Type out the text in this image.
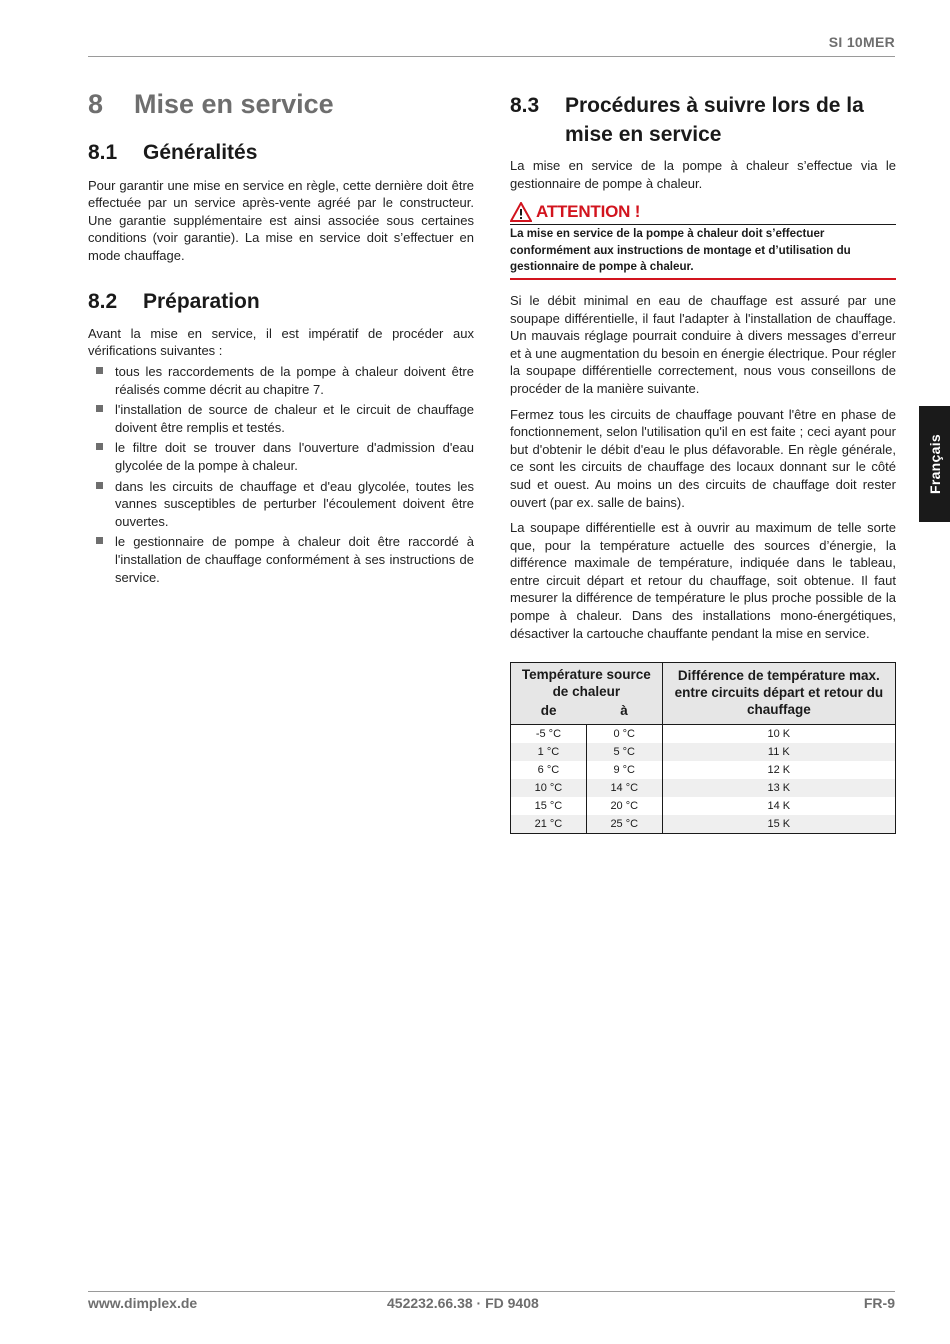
SI 10MER
Français
8	Mise en service
8.1	Généralités

Pour garantir une mise en service en règle, cette dernière doit être effectuée par un service après-vente agréé par le constructeur. Une garantie supplémentaire est ainsi associée sous certaines conditions (voir garantie). La mise en service doit s’effectuer en mode chauffage.

8.2	Préparation

Avant la mise en service, il est impératif de procéder aux vérifications suivantes :

tous les raccordements de la pompe à chaleur doivent être réalisés comme décrit au chapitre 7.
l'installation de source de chaleur et le circuit de chauffage doivent être remplis et testés.
le filtre doit se trouver dans l'ouverture d'admission d'eau glycolée de la pompe à chaleur.
dans les circuits de chauffage et d'eau glycolée, toutes les vannes susceptibles de perturber l'écoulement doivent être ouvertes.
le gestionnaire de pompe à chaleur doit être raccordé à l'installation de chauffage conformément à ses instructions de service.
8.3	Procédures à suivre lors de la mise en service

La mise en service de la pompe à chaleur s’effectue via le gestionnaire de pompe à chaleur.

ATTENTION !

La mise en service de la pompe à chaleur doit s’effectuer conformément aux instructions de montage et d’utilisation du gestionnaire de pompe à chaleur.

Si le débit minimal en eau de chauffage est assuré par une soupape différentielle, il faut l'adapter à l'installation de chauffage. Un mauvais réglage pourrait conduire à divers messages d’erreur et à une augmentation du besoin en énergie électrique. Pour régler la soupape différentielle correctement, nous vous conseillons de procéder de la manière suivante.

Fermez tous les circuits de chauffage pouvant l'être en phase de fonctionnement, selon l'utilisation qu'il en est faite ; ceci ayant pour but d'obtenir le débit d'eau le plus défavorable. En règle générale, ce sont les circuits de chauffage des locaux donnant sur le côté sud et ouest. Au moins un des circuits de chauffage doit rester ouvert (par ex. salle de bains).

La soupape différentielle est à ouvrir au maximum de telle sorte que, pour la température actuelle des sources d’énergie, la différence maximale de température, indiquée dans le tableau, entre circuit départ et retour du chauffage, soit obtenue. Il faut mesurer la différence de température le plus proche possible de la pompe à chaleur. Dans des installations mono-énergétiques, désactiver la cartouche chauffante pendant la mise en service.

Température source de chaleur		Différence de température max. entre circuits départ et retour du chauffage
de	à	
-5 °C	0 °C	10 K
1 °C	5 °C	11 K
6 °C	9 °C	12 K
10 °C	14 °C	13 K
15 °C	20 °C	14 K
21 °C	25 °C	15 K
www.dimplex.de	452232.66.38 · FD 9408	FR-9
